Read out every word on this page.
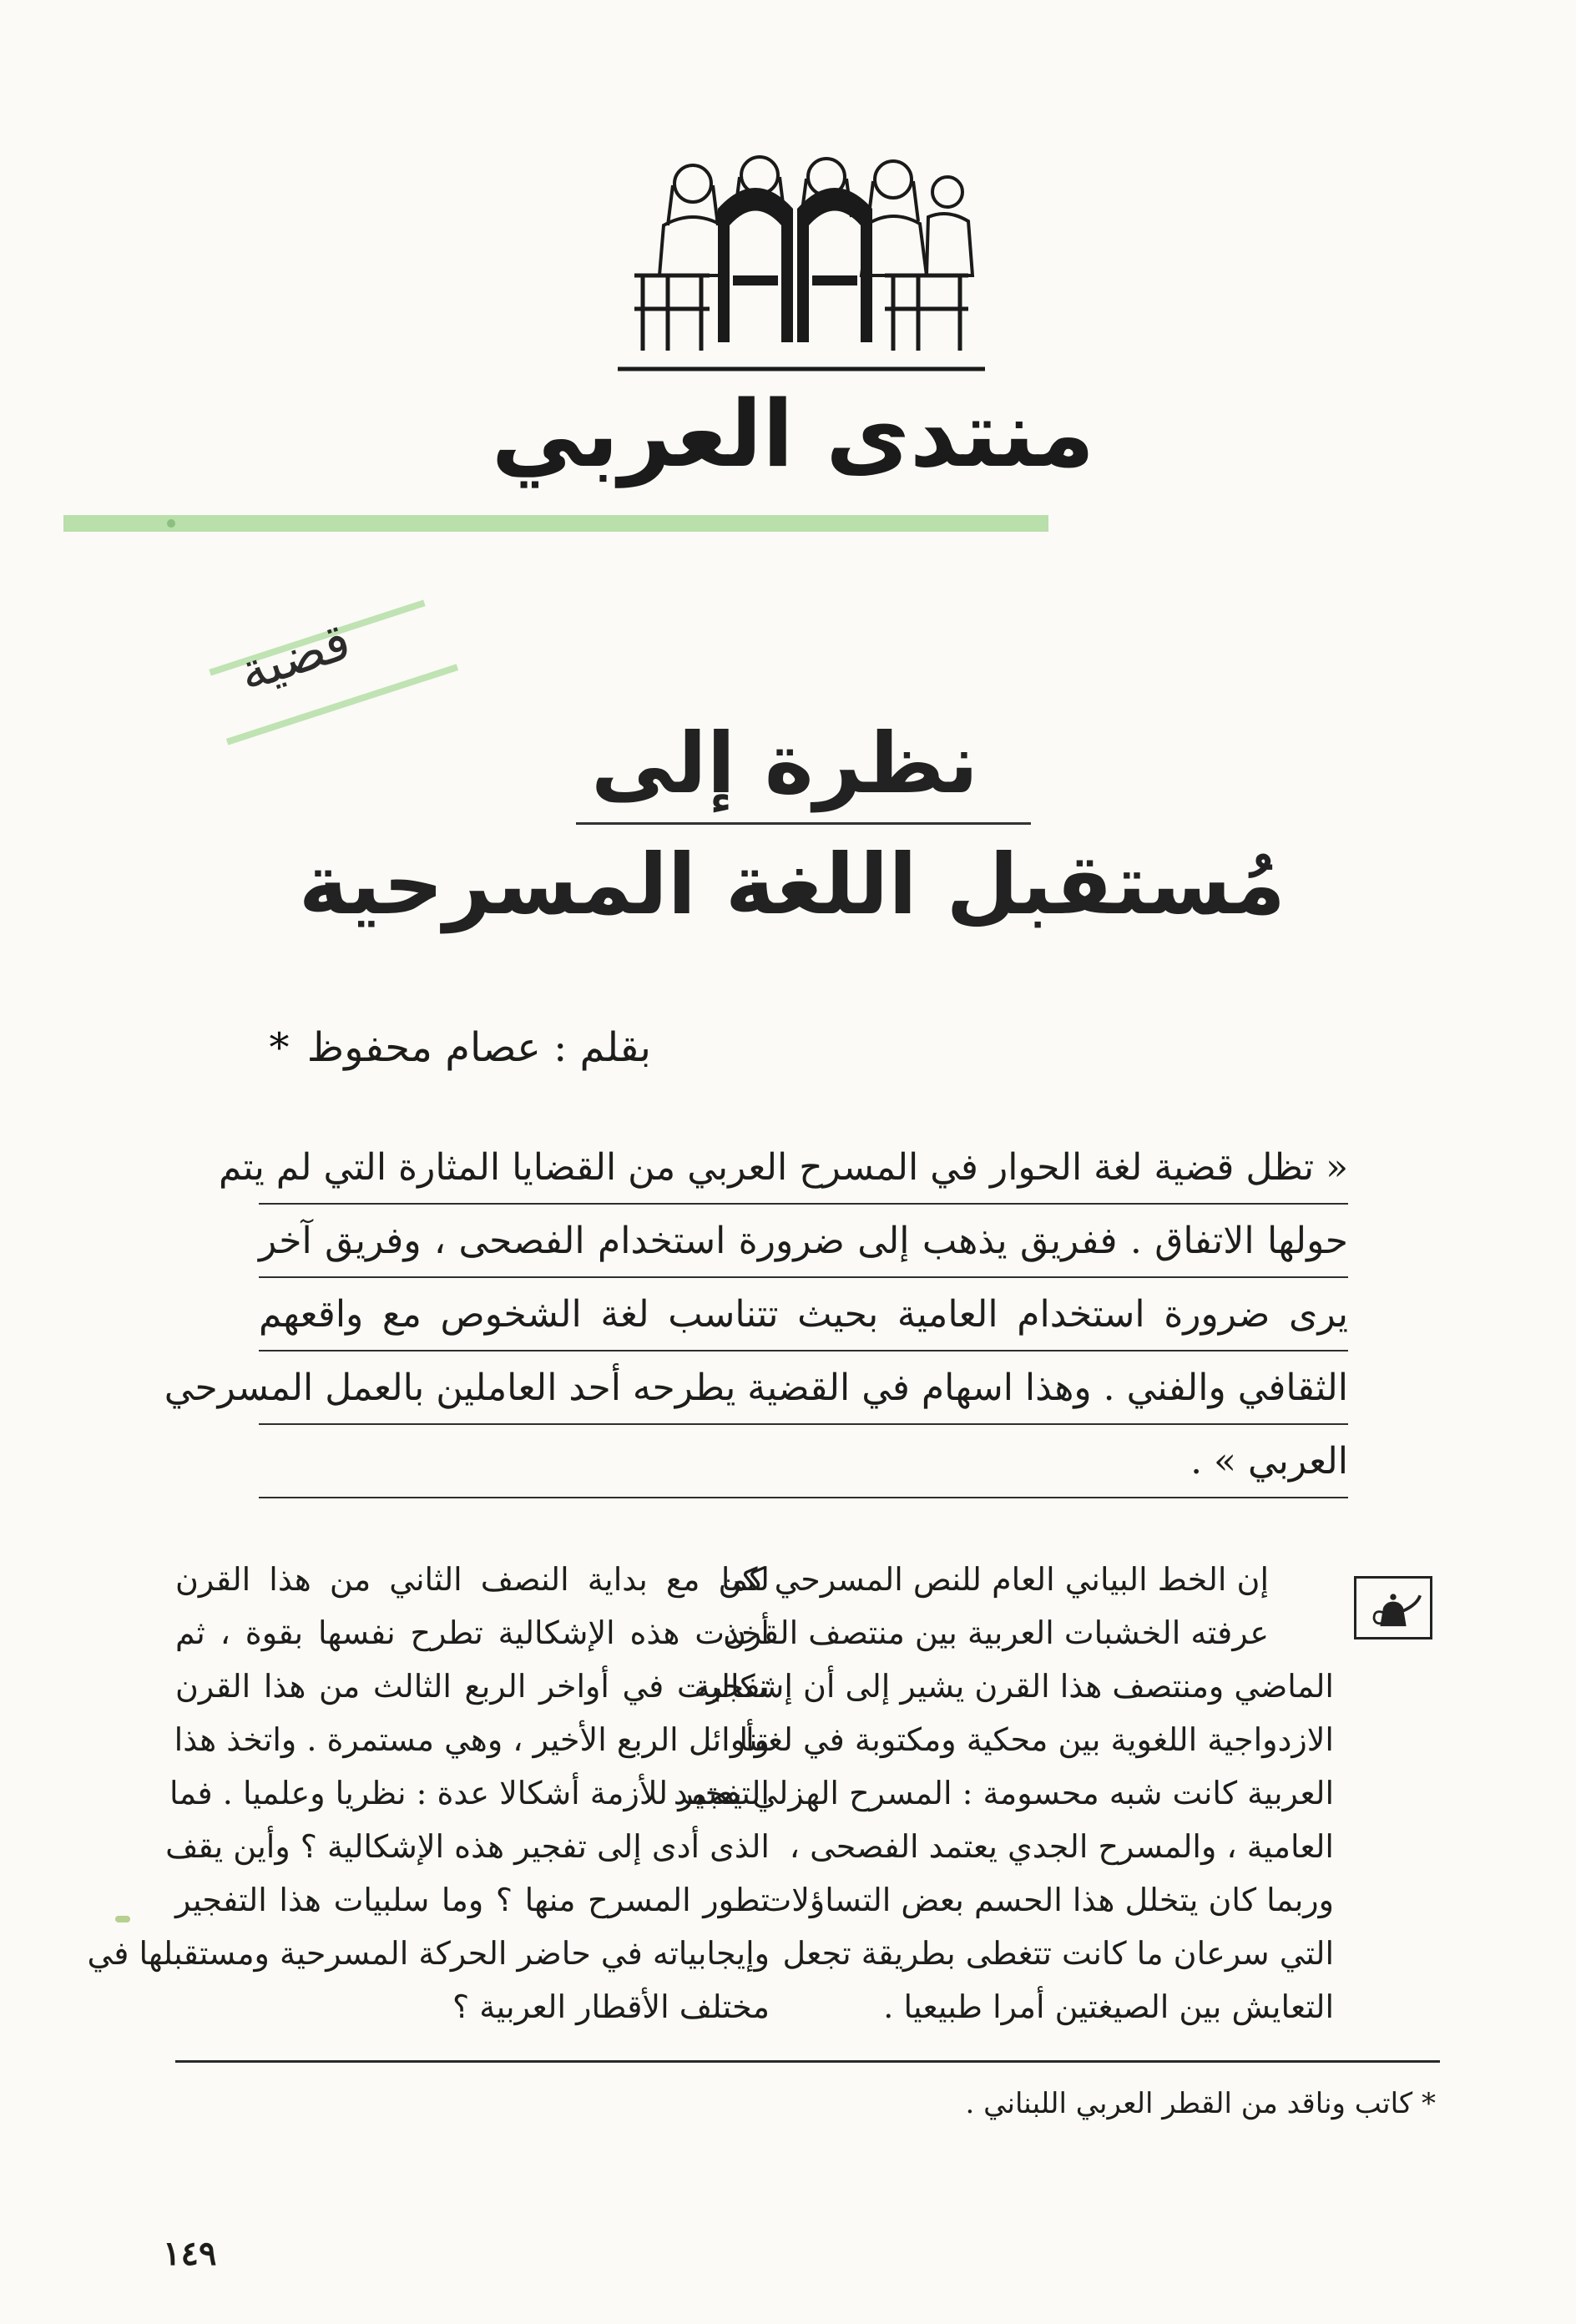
منتدى العربي
قضية
نظرة إلى
مُستقبل اللغة المسرحية
بقلم : عصام محفوظ *
« تظل قضية لغة الحوار في المسرح العربي من القضايا المثارة التي لم يتم
حولها الاتفاق . ففريق يذهب إلى ضرورة استخدام الفصحى ، وفريق آخر
يرى ضرورة استخدام العامية بحيث تتناسب لغة الشخوص مع واقعهم
الثقافي والفني . وهذا اسهام في القضية يطرحه أحد العاملين بالعمل المسرحي
العربي » .
إن الخط البياني العام للنص المسرحي كما
عرفته الخشبات العربية بين منتصف القرن
الماضي ومنتصف هذا القرن يشير إلى أن إشكالية
الازدواجية اللغوية بين محكية ومكتوبة في لغتنا
العربية كانت شبه محسومة : المسرح الهزلي يعتمد
العامية ، والمسرح الجدي يعتمد الفصحى ،
وربما كان يتخلل هذا الحسم بعض التساؤلات
التي سرعان ما كانت تتغطى بطريقة تجعل
التعايش بين الصيغتين أمرا طبيعيا .
لكن مع بداية النصف الثاني من هذا القرن
أخذت هذه الإشكالية تطرح نفسها بقوة ، ثم
تفجرت في أواخر الربع الثالث من هذا القرن
وأوائل الربع الأخير ، وهي مستمرة . واتخذ هذا
التفجير للأزمة أشكالا عدة : نظريا وعلميا . فما
الذى أدى إلى تفجير هذه الإشكالية ؟ وأين يقف
تطور المسرح منها ؟ وما سلبيات هذا التفجير
وإيجابياته في حاضر الحركة المسرحية ومستقبلها في
مختلف الأقطار العربية ؟
* كاتب وناقد من القطر العربي اللبناني .
١٤٩
